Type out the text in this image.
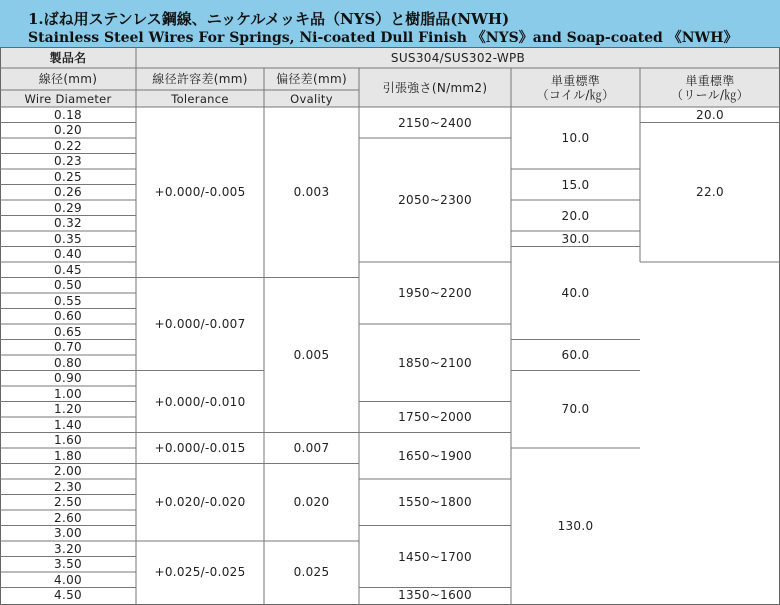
1.ばね用ステンレス鋼線、ニッケルメッキ品（NYS）と樹脂品(NWH)
Stainless Steel Wires For Springs, Ni-coated Dull Finish 《NYS》and Soap-coated 《NWH》
製品名	SUS304/SUS302-WPB
線径(mm)
Wire Diameter
線径許容差(mm)
Tolerance
偏径差(mm)
Ovality
引張強さ(N/mm2)	単重標準
（コイル/㎏）
単重標準
（リール/㎏）
0.18
0.20
0.22
0.23
0.25
0.26
0.29
0.32
0.35
0.40
0.45
0.50
0.55
0.60
0.65
0.70
0.80
0.90
1.00
1.20
1.40
1.60
1.80
2.00
2.30
2.50
2.60
3.00
3.20
3.50
4.00
4.50
+0.000/-0.005
+0.000/-0.007
+0.000/-0.010
+0.000/-0.015
+0.020/-0.020
+0.025/-0.025
0.003
0.005
0.007
0.020
0.025
2150~2400
2050~2300
1950~2200
1850~2100
1750~2000
1650~1900
1550~1800
1450~1700
1350~1600
10.0
15.0
20.0
30.0
40.0
60.0
70.0
130.0
20.0
22.0
